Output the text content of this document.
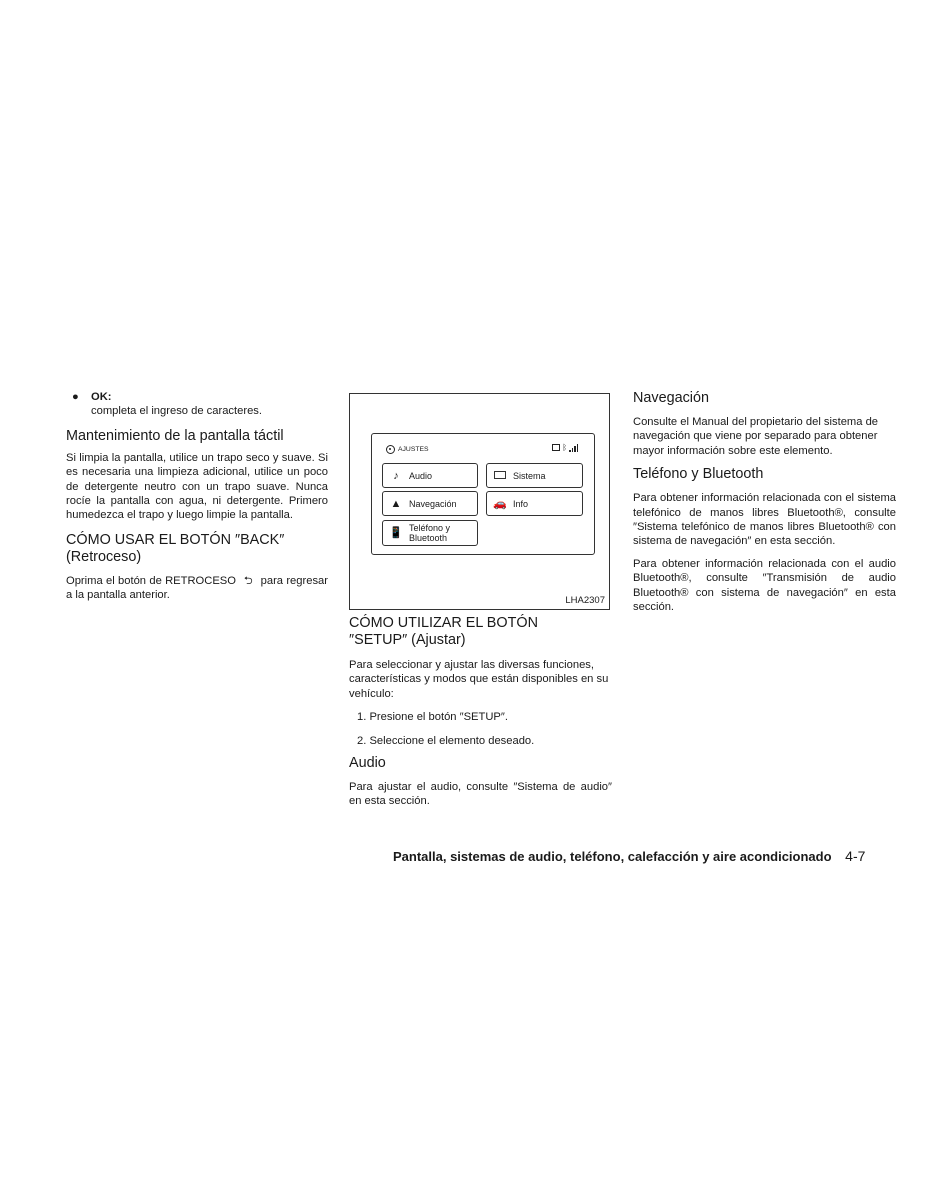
●	OK:
completa el ingreso de caracteres.
Mantenimiento de la pantalla táctil

Si limpia la pantalla, utilice un trapo seco y suave. Si es necesaria una limpieza adicional, utilice un poco de detergente neutro con un trapo suave. Nunca rocíe la pantalla con agua, ni detergente. Primero humedezca el trapo y luego limpie la pantalla.

CÓMO USAR EL BOTÓN ″BACK″
(Retroceso)

Oprima el botón de RETROCESO ⮌ para regresar a la pantalla anterior.

AJUSTES	ᛒ
♪	Audio	Sistema
▲ Navegación	🚗 Info
📱 Teléfono y
Bluetooth
LHA2307
CÓMO UTILIZAR EL BOTÓN
″SETUP″ (Ajustar)

Para seleccionar y ajustar las diversas funciones, características y modos que están disponibles en su vehículo:

1. Presione el botón ″SETUP″.

2. Seleccione el elemento deseado.

Audio

Para ajustar el audio, consulte ″Sistema de audio″ en esta sección.

Navegación

Consulte el Manual del propietario del sistema de navegación que viene por separado para obtener mayor información sobre este elemento.

Teléfono y Bluetooth

Para obtener información relacionada con el sistema telefónico de manos libres Bluetooth®, consulte ″Sistema telefónico de manos libres Bluetooth® con sistema de navegación″ en esta sección.

Para obtener información relacionada con el audio Bluetooth®, consulte ″Transmisión de audio Bluetooth® con sistema de navegación″ en esta sección.

Pantalla, sistemas de audio, teléfono, calefacción y aire acondicionado 4-7
